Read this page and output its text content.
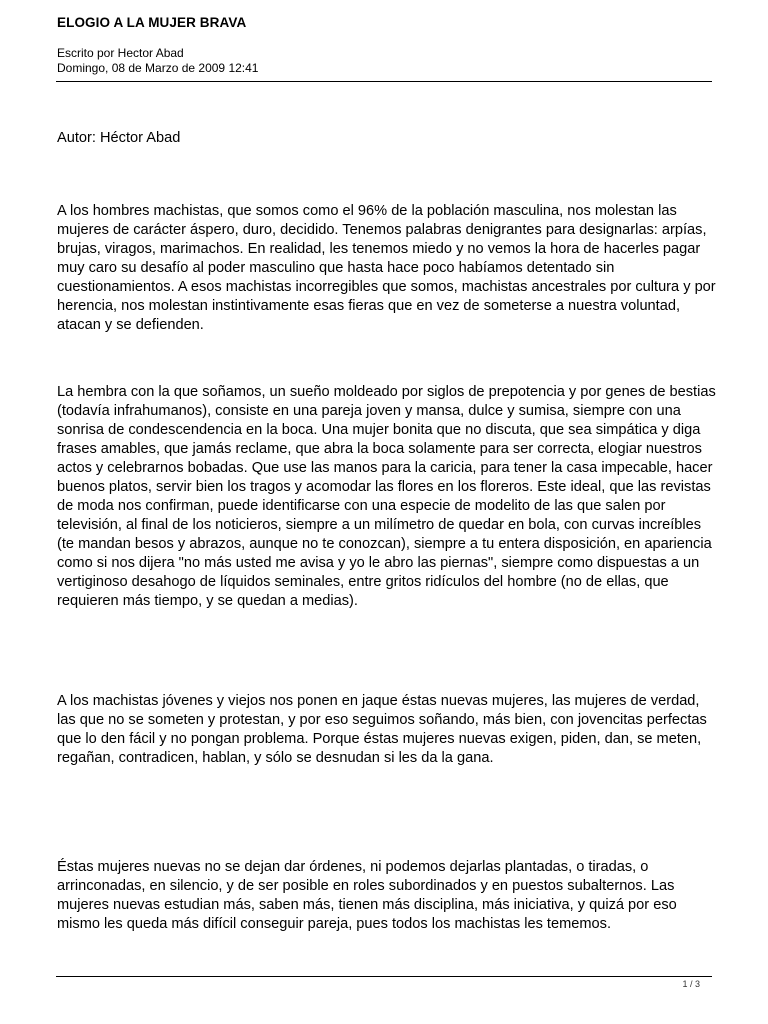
ELOGIO A LA MUJER BRAVA
Escrito por Hector Abad
Domingo, 08 de Marzo de 2009 12:41
Autor: Héctor Abad

A los hombres machistas, que somos como el 96% de la población masculina, nos molestan las mujeres de carácter áspero, duro, decidido. Tenemos palabras denigrantes para designarlas: arpías, brujas, viragos, marimachos. En realidad, les tenemos miedo y no vemos la hora de hacerles pagar muy caro su desafío al poder masculino que hasta hace poco habíamos detentado sin cuestionamientos. A esos machistas incorregibles que somos, machistas ancestrales por cultura y por herencia, nos molestan instintivamente esas fieras que en vez de someterse a nuestra voluntad, atacan y se defienden.

La hembra con la que soñamos, un sueño moldeado por siglos de prepotencia y por genes de bestias (todavía infrahumanos), consiste en una pareja joven y mansa, dulce y sumisa, siempre con una sonrisa de condescendencia en la boca. Una mujer bonita que no discuta, que sea simpática y diga frases amables, que jamás reclame, que abra la boca solamente para ser correcta, elogiar nuestros actos y celebrarnos bobadas. Que use las manos para la caricia, para tener la casa impecable, hacer buenos platos, servir bien los tragos y acomodar las flores en los floreros. Este ideal, que las revistas de moda nos confirman, puede identificarse con una especie de modelito de las que salen por televisión, al final de los noticieros, siempre a un milímetro de quedar en bola, con curvas increíbles (te mandan besos y abrazos, aunque no te conozcan), siempre a tu entera disposición, en apariencia como si nos dijera "no más usted me avisa y yo le abro las piernas", siempre como dispuestas a un vertiginoso desahogo de líquidos seminales, entre gritos ridículos del hombre (no de ellas, que requieren más tiempo, y se quedan a medias).

A los machistas jóvenes y viejos nos ponen en jaque éstas nuevas mujeres, las mujeres de verdad, las que no se someten y protestan, y por eso seguimos soñando, más bien, con jovencitas perfectas que lo den fácil y no pongan problema. Porque éstas mujeres nuevas exigen, piden, dan, se meten, regañan, contradicen, hablan, y sólo se desnudan si les da la gana.

Éstas mujeres nuevas no se dejan dar órdenes, ni podemos dejarlas plantadas, o tiradas, o arrinconadas, en silencio, y de ser posible en roles subordinados y en puestos subalternos. Las mujeres nuevas estudian más, saben más, tienen más disciplina, más iniciativa, y quizá por eso mismo les queda más difícil conseguir pareja, pues todos los machistas les tememos.

1 / 3
